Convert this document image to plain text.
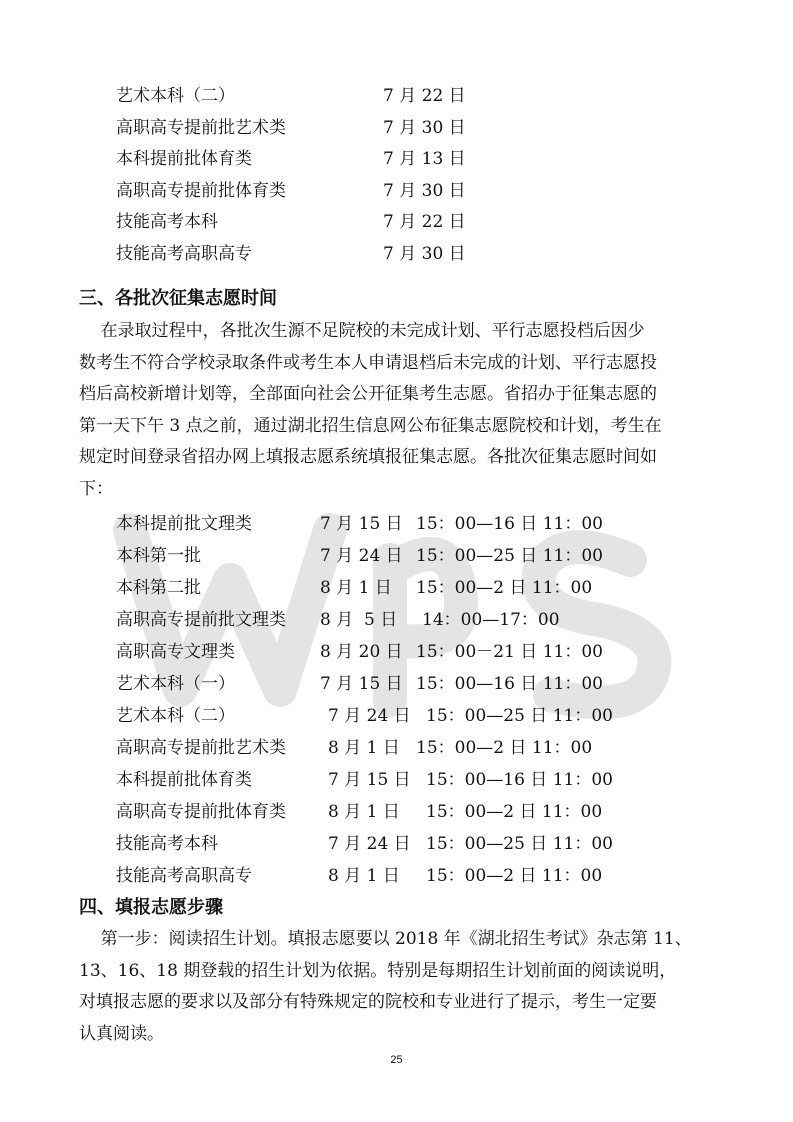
艺术本科（二）	7 月 22 日
高职高专提前批艺术类	7 月 30 日
本科提前批体育类	7 月 13 日
高职高专提前批体育类	7 月 30 日
技能高考本科	7 月 22 日
技能高考高职高专	7 月 30 日
三、各批次征集志愿时间
在录取过程中，各批次生源不足院校的未完成计划、平行志愿投档后因少
数考生不符合学校录取条件或考生本人申请退档后未完成的计划、平行志愿投
档后高校新增计划等，全部面向社会公开征集考生志愿。省招办于征集志愿的
第一天下午 3 点之前，通过湖北招生信息网公布征集志愿院校和计划，考生在
规定时间登录省招办网上填报志愿系统填报征集志愿。各批次征集志愿时间如
下：
本科提前批文理类	7 月 15 日 15：00—16 日 11：00
本科第一批	7 月 24 日 15：00—25 日 11：00
本科第二批	8 月 1 日 15：00—2 日 11：00
高职高专提前批文理类 8 月  5 日 14：00—17：00
高职高专文理类	8 月 20 日 15：00－21 日 11：00
艺术本科（一）	7 月 15 日 15：00—16 日 11：00
艺术本科（二）	7 月 24 日 15：00—25 日 11：00
高职高专提前批艺术类 8 月 1 日 15：00—2 日 11：00
本科提前批体育类	7 月 15 日 15：00—16 日 11：00
高职高专提前批体育类 8 月 1 日 15：00—2 日 11：00
技能高考本科	7 月 24 日 15：00—25 日 11：00
技能高考高职高专	8 月 1 日 15：00—2 日 11：00
四、填报志愿步骤
第一步：阅读招生计划。填报志愿要以 2018 年《湖北招生考试》杂志第 11、
13、16、18 期登载的招生计划为依据。特别是每期招生计划前面的阅读说明，
对填报志愿的要求以及部分有特殊规定的院校和专业进行了提示，考生一定要
认真阅读。
25
